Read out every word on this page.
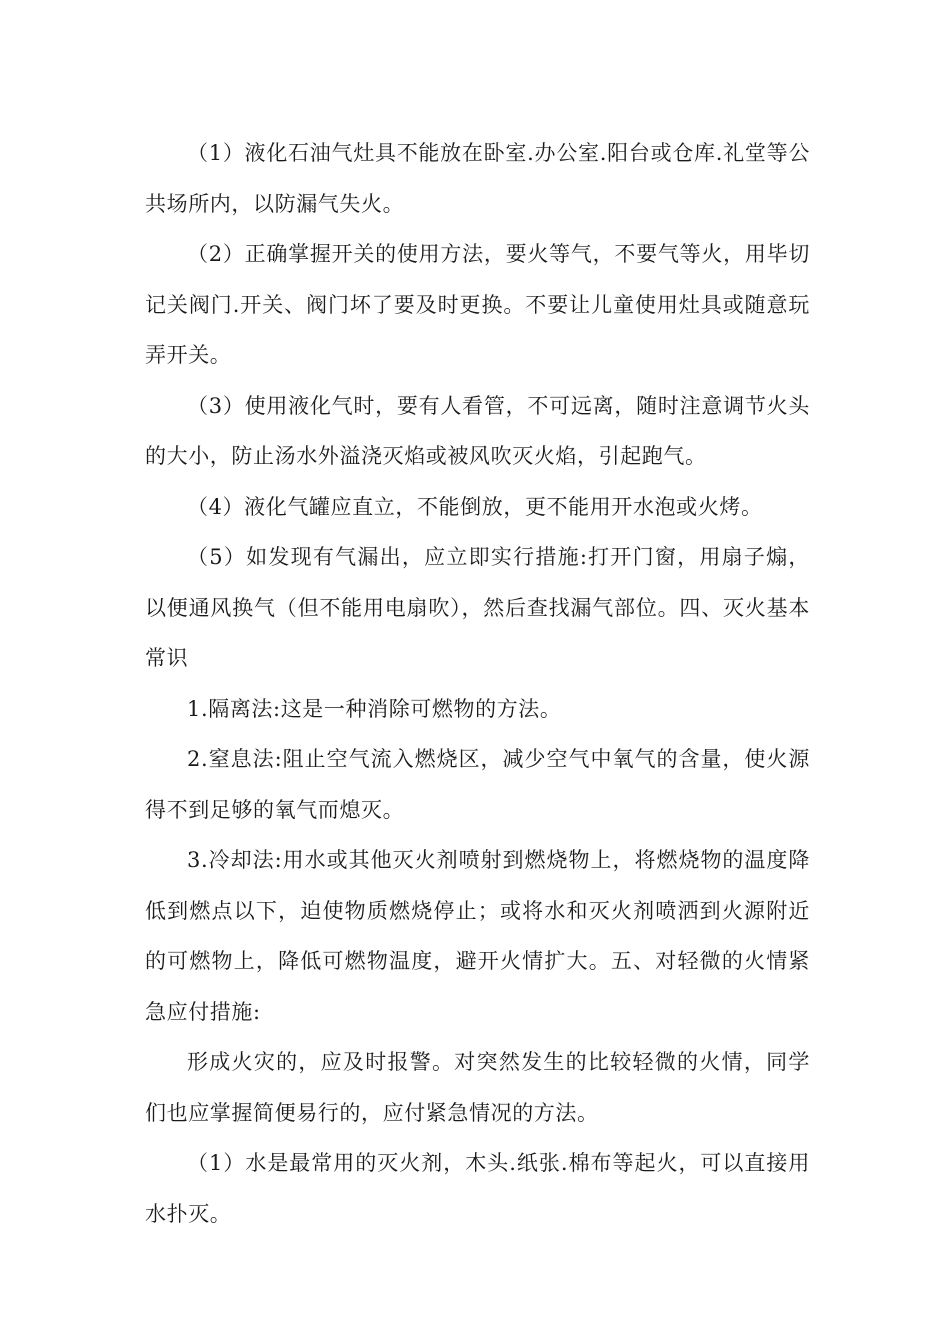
（1）液化石油气灶具不能放在卧室.办公室.阳台或仓库.礼堂等公共场所内，以防漏气失火。

（2）正确掌握开关的使用方法，要火等气，不要气等火，用毕切记关阀门.开关、阀门坏了要及时更换。不要让儿童使用灶具或随意玩弄开关。

（3）使用液化气时，要有人看管，不可远离，随时注意调节火头的大小，防止汤水外溢浇灭焰或被风吹灭火焰，引起跑气。

（4）液化气罐应直立，不能倒放，更不能用开水泡或火烤。

（5）如发现有气漏出，应立即实行措施:打开门窗，用扇子煽，以便通风换气（但不能用电扇吹），然后查找漏气部位。四、灭火基本常识

1.隔离法:这是一种消除可燃物的方法。

2.窒息法:阻止空气流入燃烧区，减少空气中氧气的含量，使火源得不到足够的氧气而熄灭。

3.冷却法:用水或其他灭火剂喷射到燃烧物上，将燃烧物的温度降低到燃点以下，迫使物质燃烧停止；或将水和灭火剂喷洒到火源附近的可燃物上，降低可燃物温度，避开火情扩大。五、对轻微的火情紧急应付措施:

形成火灾的，应及时报警。对突然发生的比较轻微的火情，同学们也应掌握简便易行的，应付紧急情况的方法。

（1）水是最常用的灭火剂，木头.纸张.棉布等起火，可以直接用水扑灭。
